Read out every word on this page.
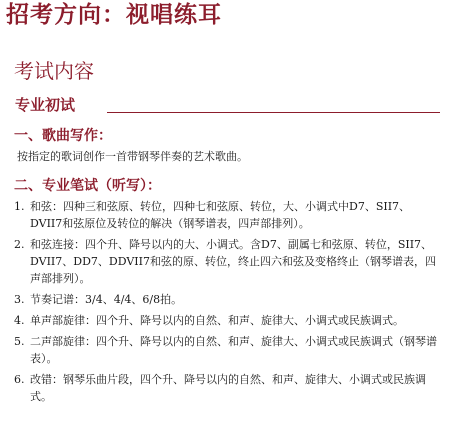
招考方向：视唱练耳
考试内容
专业初试
一、歌曲写作：
按指定的歌词创作一首带钢琴伴奏的艺术歌曲。
二、专业笔试（听写）：
1. 和弦：四种三和弦原、转位，四种七和弦原、转位，大、小调式中D7、SII7、DVII7和弦原位及转位的解决（钢琴谱表，四声部排列）。
2. 和弦连接：四个升、降号以内的大、小调式。含D7、副属七和弦原、转位，SII7、DVII7、DD7、DDVII7和弦的原、转位，终止四六和弦及变格终止（钢琴谱表，四声部排列）。
3. 节奏记谱：3/4、4/4、6/8拍。
4. 单声部旋律：四个升、降号以内的自然、和声、旋律大、小调式或民族调式。
5. 二声部旋律：四个升、降号以内的自然、和声、旋律大、小调式或民族调式（钢琴谱表）。
6. 改错：钢琴乐曲片段，四个升、降号以内的自然、和声、旋律大、小调式或民族调式。
